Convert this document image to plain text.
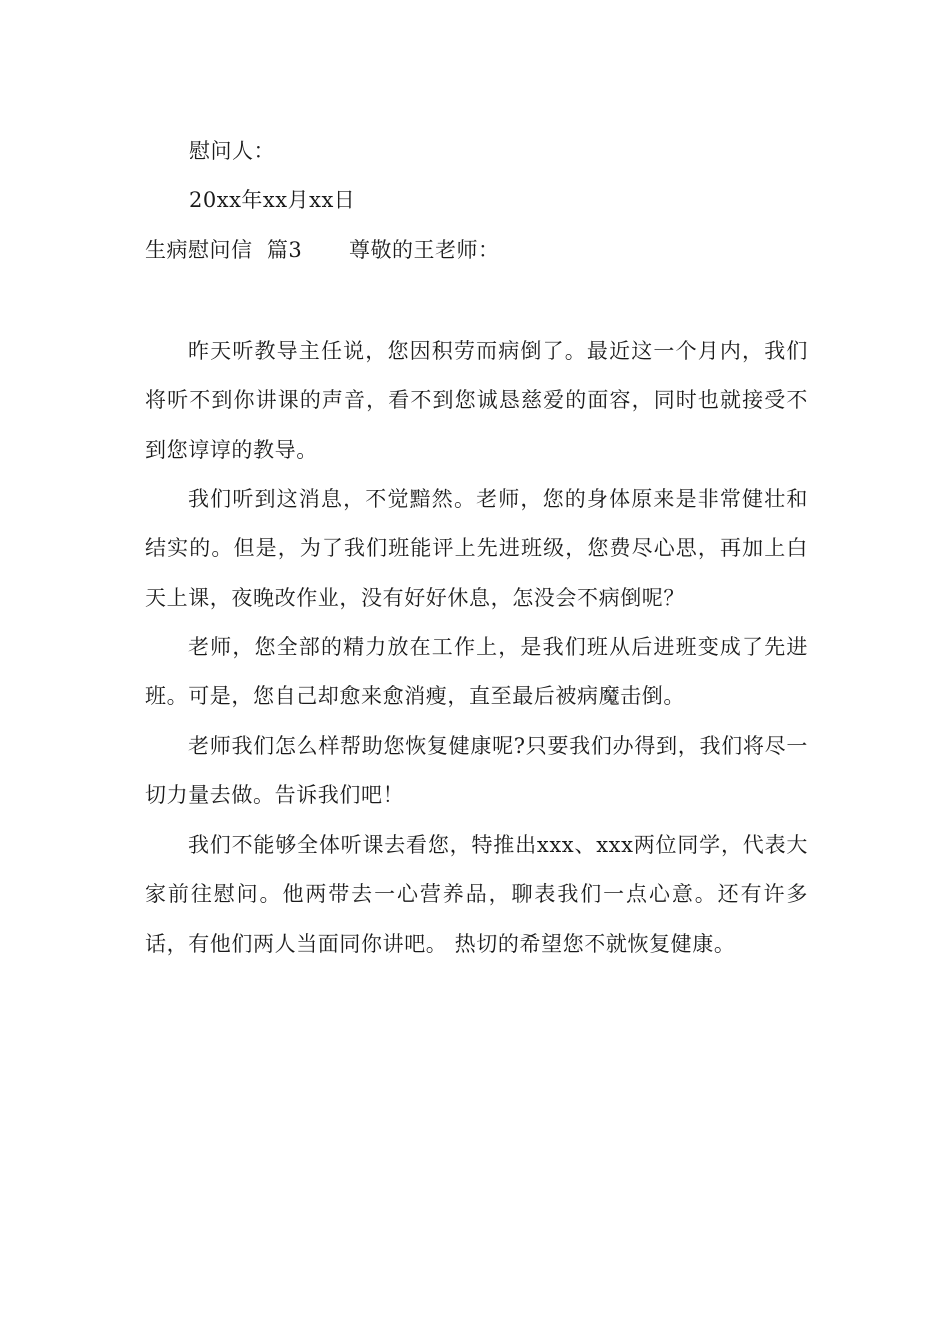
慰问人：
20xx年xx月xx日
生病慰问信  篇3 尊敬的王老师：

昨天听教导主任说，您因积劳而病倒了。最近这一个月内，我们将听不到你讲课的声音，看不到您诚恳慈爱的面容，同时也就接受不到您谆谆的教导。

我们听到这消息，不觉黯然。老师，您的身体原来是非常健壮和结实的。但是，为了我们班能评上先进班级，您费尽心思，再加上白天上课，夜晚改作业，没有好好休息，怎没会不病倒呢？

老师，您全部的精力放在工作上，是我们班从后进班变成了先进班。可是，您自己却愈来愈消瘦，直至最后被病魔击倒。

老师我们怎么样帮助您恢复健康呢?只要我们办得到，我们将尽一切力量去做。告诉我们吧！

我们不能够全体听课去看您，特推出xxx、xxx两位同学，代表大家前往慰问。他两带去一心营养品，聊表我们一点心意。还有许多话，有他们两人当面同你讲吧。 热切的希望您不就恢复健康。
